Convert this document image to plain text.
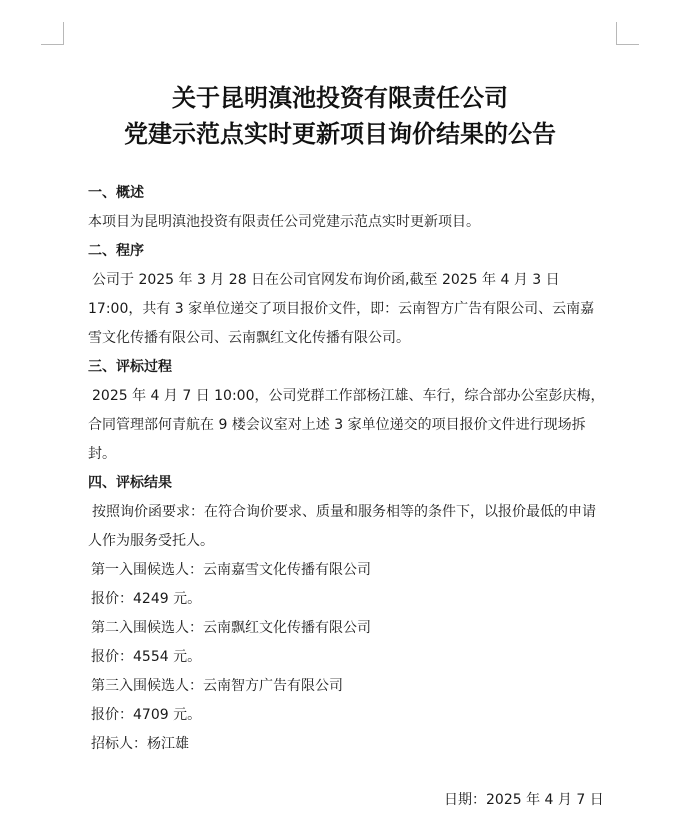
关于昆明滇池投资有限责任公司
党建示范点实时更新项目询价结果的公告
一、概述
本项目为昆明滇池投资有限责任公司党建示范点实时更新项目。
二、程序
公司于 2025 年 3 月 28 日在公司官网发布询价函,截至 2025 年 4 月 3 日 17:00，共有 3 家单位递交了项目报价文件，即：云南智方广告有限公司、云南嘉雪文化传播有限公司、云南飘红文化传播有限公司。
三、评标过程
2025 年 4 月 7 日 10:00，公司党群工作部杨江雄、车行，综合部办公室彭庆梅，合同管理部何青航在 9 楼会议室对上述 3 家单位递交的项目报价文件进行现场拆封。
四、评标结果
按照询价函要求：在符合询价要求、质量和服务相等的条件下，以报价最低的申请人作为服务受托人。
第一入围候选人：云南嘉雪文化传播有限公司
报价：4249 元。
第二入围候选人：云南飘红文化传播有限公司
报价：4554 元。
第三入围候选人：云南智方广告有限公司
报价：4709 元。
招标人：杨江雄
日期：2025 年 4 月 7 日
